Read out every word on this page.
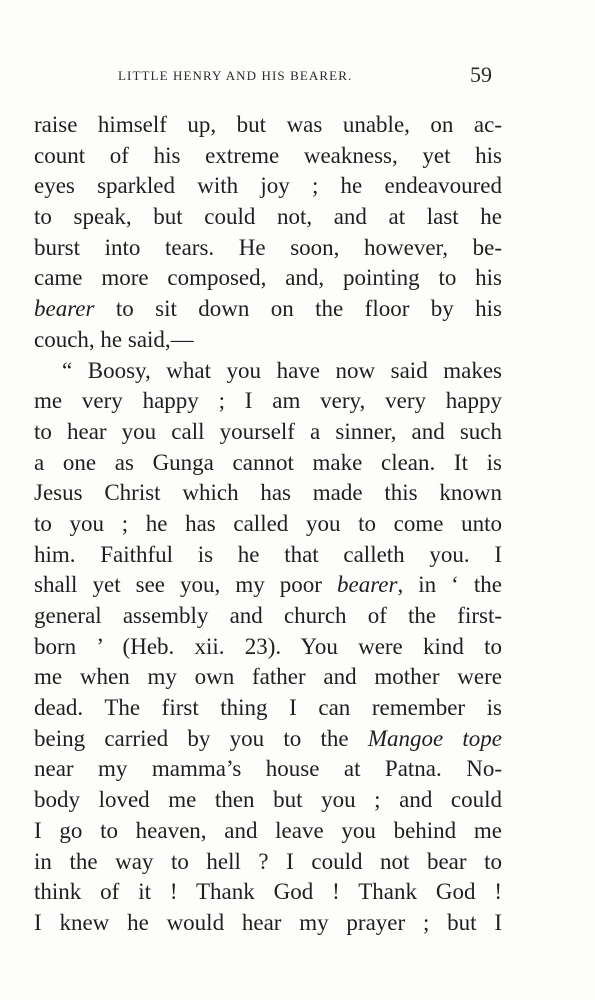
LITTLE HENRY AND HIS BEARER.	59
raise himself up, but was unable, on ac-
count of his extreme weakness, yet his
eyes sparkled with joy ; he endeavoured
to speak, but could not, and at last he
burst into tears. He soon, however, be-
came more composed, and, pointing to his
bearer to sit down on the floor by his
couch, he said,—
“ Boosy, what you have now said makes
me very happy ; I am very, very happy
to hear you call yourself a sinner, and such
a one as Gunga cannot make clean. It is
Jesus Christ which has made this known
to you ; he has called you to come unto
him. Faithful is he that calleth you. I
shall yet see you, my poor bearer, in ‘ the
general assembly and church of the first-
born ’ (Heb. xii. 23). You were kind to
me when my own father and mother were
dead. The first thing I can remember is
being carried by you to the Mangoe tope
near my mamma’s house at Patna. No-
body loved me then but you ; and could
I go to heaven, and leave you behind me
in the way to hell ? I could not bear to
think of it ! Thank God ! Thank God !
I knew he would hear my prayer ; but I
